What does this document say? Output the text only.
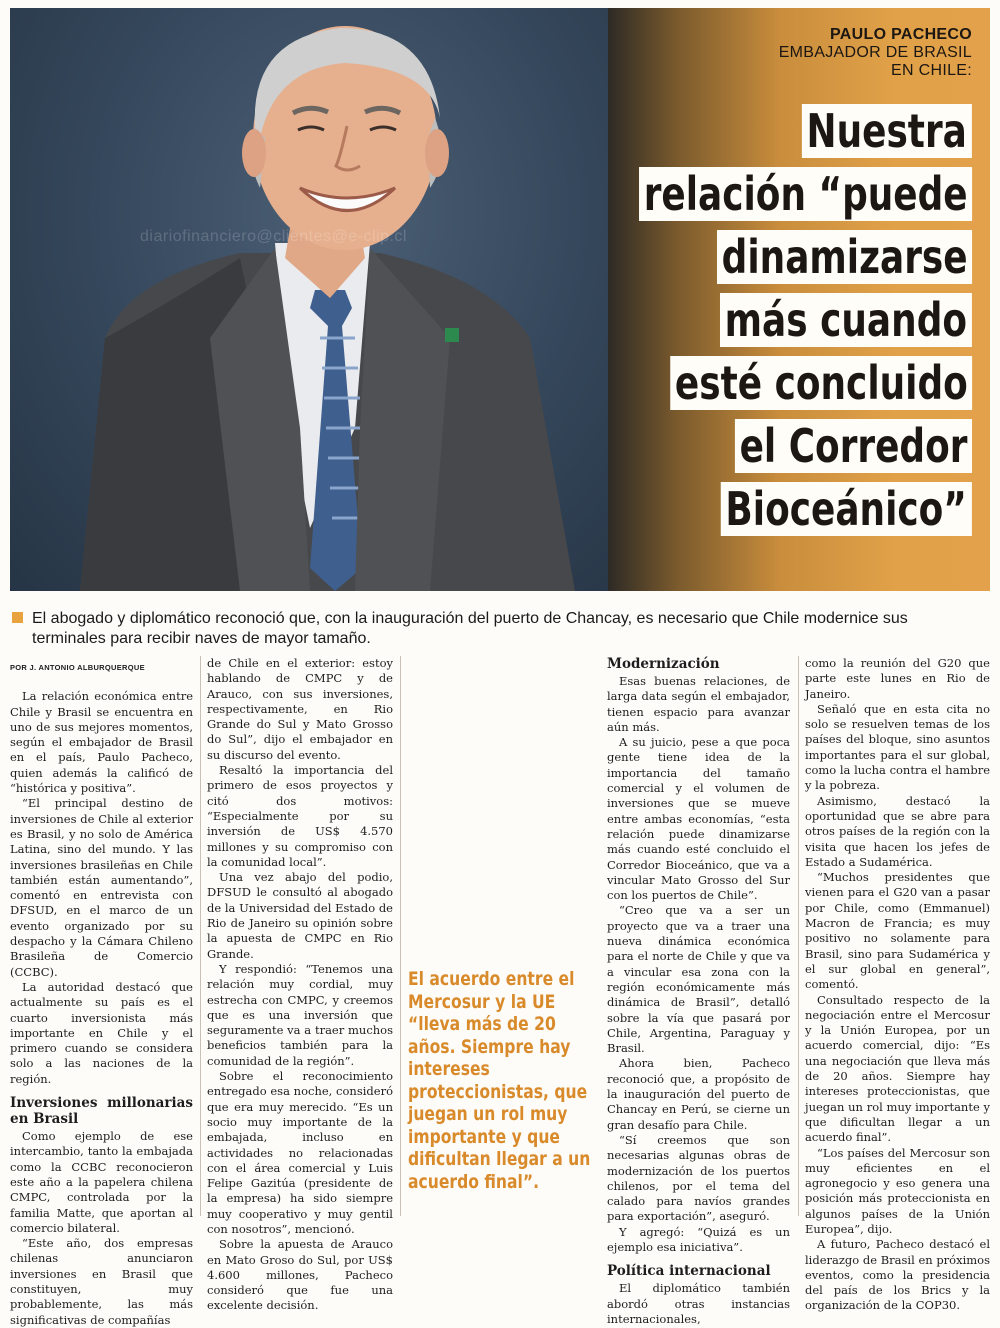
diariofinanciero@clientes@e-clip.cl
PAULO PACHECO
EMBAJADOR DE BRASIL
EN CHILE:
Nuestra
relación “puede
dinamizarse
más cuando
esté concluido
el Corredor
Bioceánico”
El abogado y diplomático reconoció que, con la inauguración del puerto de Chancay, es necesario que Chile modernice sus terminales para recibir naves de mayor tamaño.
POR J. ANTONIO ALBURQUERQUE

La relación económica entre Chile y Brasil se encuentra en uno de sus mejores momentos, según el embajador de Brasil en el país, Paulo Pacheco, quien además la calificó de “histórica y positiva”.

“El principal destino de inversiones de Chile al exterior es Brasil, y no solo de América Latina, sino del mundo. Y las inversiones brasileñas en Chile también están aumentando”, comentó en entrevista con DFSUD, en el marco de un evento organizado por su despacho y la Cámara Chileno Brasileña de Comercio (CCBC).

La autoridad destacó que actualmente su país es el cuarto inversionista más importante en Chile y el primero cuando se considera solo a las naciones de la región.

Inversiones millonarias en Brasil

Como ejemplo de ese intercambio, tanto la embajada como la CCBC reconocieron este año a la papelera chilena CMPC, controlada por la familia Matte, que aportan al comercio bilateral.

“Este año, dos empresas chilenas anunciaron inversiones en Brasil que constituyen, muy probablemente, las más significativas de compañías

de Chile en el exterior: estoy hablando de CMPC y de Arauco, con sus inversiones, respectivamente, en Rio Grande do Sul y Mato Grosso do Sul”, dijo el embajador en su discurso del evento.

Resaltó la importancia del primero de esos proyectos y citó dos motivos: “Especialmente por su inversión de US$ 4.570 millones y su compromiso con la comunidad local”.

Una vez abajo del podio, DFSUD le consultó al abogado de la Universidad del Estado de Rio de Janeiro su opinión sobre la apuesta de CMPC en Rio Grande.

Y respondió: “Tenemos una relación muy cordial, muy estrecha con CMPC, y creemos que es una inversión que seguramente va a traer muchos beneficios también para la comunidad de la región”.

Sobre el reconocimiento entregado esa noche, consideró que era muy merecido. “Es un socio muy importante de la embajada, incluso en actividades no relacionadas con el área comercial y Luis Felipe Gazitúa (presidente de la empresa) ha sido siempre muy cooperativo y muy gentil con nosotros”, mencionó.

Sobre la apuesta de Arauco en Mato Groso do Sul, por US$ 4.600 millones, Pacheco consideró que fue una excelente decisión.

El acuerdo entre el Mercosur y la UE “lleva más de 20 años. Siempre hay intereses proteccionistas, que juegan un rol muy importante y que dificultan llegar a un acuerdo final”.
Modernización

Esas buenas relaciones, de larga data según el embajador, tienen espacio para avanzar aún más.

A su juicio, pese a que poca gente tiene idea de la importancia del tamaño comercial y el volumen de inversiones que se mueve entre ambas economías, “esta relación puede dinamizarse más cuando esté concluido el Corredor Bioceánico, que va a vincular Mato Grosso del Sur con los puertos de Chile”.

“Creo que va a ser un proyecto que va a traer una nueva dinámica económica para el norte de Chile y que va a vincular esa zona con la región económicamente más dinámica de Brasil”, detalló sobre la vía que pasará por Chile, Argentina, Paraguay y Brasil.

Ahora bien, Pacheco reconoció que, a propósito de la inauguración del puerto de Chancay en Perú, se cierne un gran desafío para Chile.

“Sí creemos que son necesarias algunas obras de modernización de los puertos chilenos, por el tema del calado para navíos grandes para exportación”, aseguró.

Y agregó: “Quizá es un ejemplo esa iniciativa”.

Política internacional

El diplomático también abordó otras instancias internacionales,

como la reunión del G20 que parte este lunes en Rio de Janeiro.

Señaló que en esta cita no solo se resuelven temas de los países del bloque, sino asuntos importantes para el sur global, como la lucha contra el hambre y la pobreza.

Asimismo, destacó la oportunidad que se abre para otros países de la región con la visita que hacen los jefes de Estado a Sudamérica.

“Muchos presidentes que vienen para el G20 van a pasar por Chile, como (Emmanuel) Macron de Francia; es muy positivo no solamente para Brasil, sino para Sudamérica y el sur global en general”, comentó.

Consultado respecto de la negociación entre el Mercosur y la Unión Europea, por un acuerdo comercial, dijo: “Es una negociación que lleva más de 20 años. Siempre hay intereses proteccionistas, que juegan un rol muy importante y que dificultan llegar a un acuerdo final”.

“Los países del Mercosur son muy eficientes en el agronegocio y eso genera una posición más proteccionista en algunos países de la Unión Europea”, dijo.

A futuro, Pacheco destacó el liderazgo de Brasil en próximos eventos, como la presidencia del país de los Brics y la organización de la COP30.
